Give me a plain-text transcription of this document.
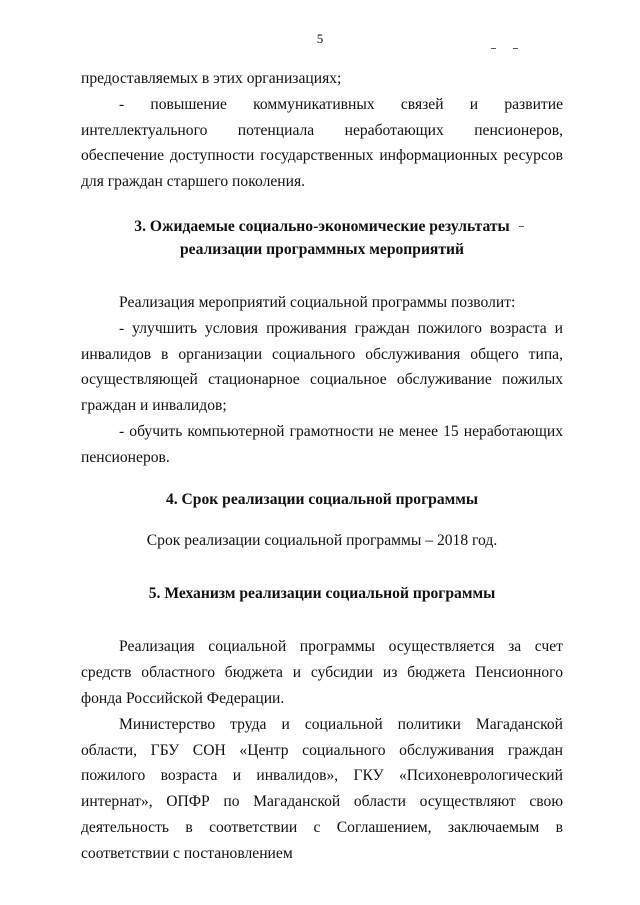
5

предоставляемых в этих организациях;

- повышение коммуникативных связей и развитие интеллектуального потенциала неработающих пенсионеров, обеспечение доступности государственных информационных ресурсов для граждан старшего поколения.

3. Ожидаемые социально-экономические результаты

реализации программных мероприятий

Реализация мероприятий социальной программы позволит:

- улучшить условия проживания граждан пожилого возраста и инвалидов в организации социального обслуживания общего типа, осуществляющей стационарное социальное обслуживание пожилых граждан и инвалидов;

- обучить компьютерной грамотности не менее 15 неработающих пенсионеров.

4. Срок реализации социальной программы

Срок реализации социальной программы – 2018 год.

5. Механизм реализации социальной программы

Реализация социальной программы осуществляется за счет средств областного бюджета и субсидии из бюджета Пенсионного фонда Российской Федерации.

Министерство труда и социальной политики Магаданской области, ГБУ СОН «Центр социального обслуживания граждан пожилого возраста и инвалидов», ГКУ «Психоневрологический интернат», ОПФР по Магаданской области осуществляют свою деятельность в соответствии с Соглашением, заключаемым в соответствии с постановлением
